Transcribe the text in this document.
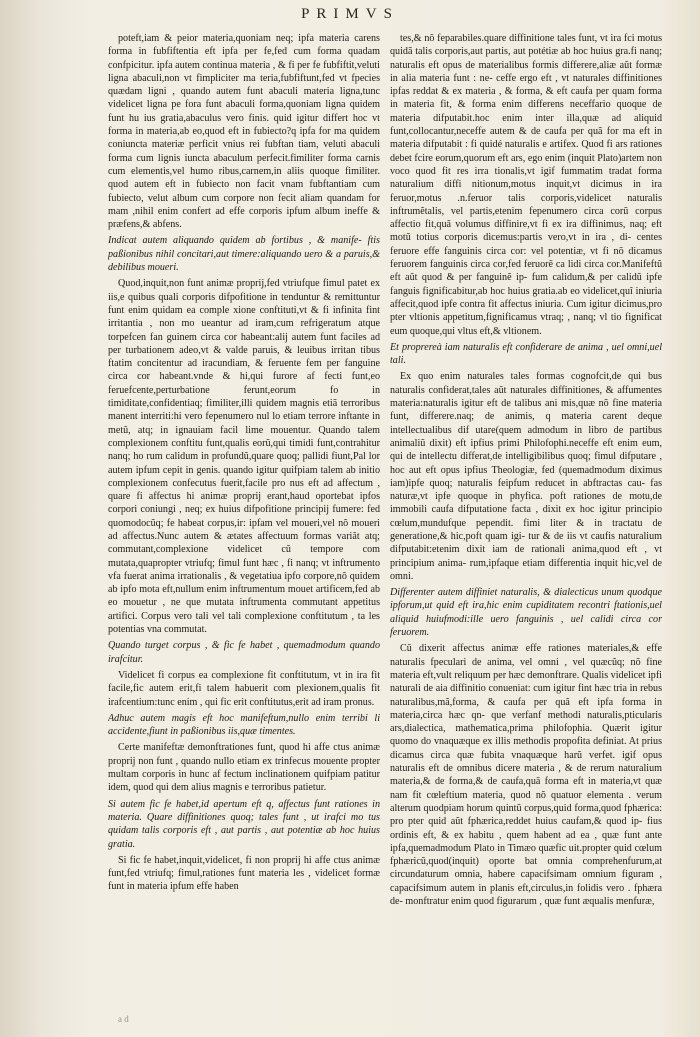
PRIMVS

poteft,iam & peior materia,quoniam neq; ipfa materia carens forma in fubfiftentia eft ipfa per fe,fed cum forma quadam confpicitur. ipfa autem continua materia , & fi per fe fubfiftit,veluti ligna abaculi,non vt fimpliciter ma teria,fubfiftunt,fed vt fpecies quædam ligni , quando autem funt abaculi materia ligna,tunc videlicet ligna pe fora funt abaculi forma,quoniam ligna quidem funt hu ius gratia,abaculus vero finis. quid igitur differt hoc vt forma in materia,ab eo,quod eft in fubiecto?q ipfa for ma quidem coniuncta materiæ perficit vnius rei fubftan tiam, veluti abaculi forma cum lignis iuncta abaculum perfecit.fimiliter forma carnis cum elementis,vel humo ribus,carnem,in aliis quoque fimiliter. quod autem eft in fubiecto non facit vnam fubftantiam cum fubiecto, velut album cum corpore non fecit aliam quandam for mam ,nihil enim confert ad effe corporis ipfum album ineffe & præfens,& abfens.

Indicat autem aliquando quidem ab fortibus , & manife- ftis paßionibus nihil concitari,aut timere:aliquando uero & a paruis,& debilibus moueri.

Quod,inquit,non funt animæ proprij,fed vtriufque fimul patet ex iis,e quibus quali corporis difpofitione in tenduntur & remittuntur funt enim quidam ea comple xione conftituti,vt & fi infinita fint irritantia , non mo ueantur ad iram,cum refrigeratum atque torpefcen fan guinem circa cor habeant:alij autem funt faciles ad per turbationem adeo,vt & valde paruis, & leuibus irritan tibus ftatim concitentur ad iracundiam, & feruente fem per fanguine circa cor habeant.vnde & hi,qui furore af fecti funt,eo feruefcente,perturbatione ferunt,eorum fo in timiditate,confidentiaq; fimiliter,illi quidem magnis etiã terroribus manent interriti:hi vero fepenumero nul lo etiam terrore inftante in metũ, atq; in ignauiam facil lime mouentur. Quando talem complexionem conftitu funt,qualis eorũ,qui timidi funt,contrahitur nanq; ho rum calidum in profundũ,quare quoq; pallidi fiunt,Pal lor autem ipfum cepit in genis. quando igitur quifpiam talem ab initio complexionem confecutus fuerit,facile pro nus eft ad affectum , quare fi affectus hi animæ proprij erant,haud oportebat ipfos corpori coniungi , neq; ex huius difpofitione principij fumere: fed quomodocũq; fe habeat corpus,ir: ipfam vel moueri,vel nõ moueri ad affectus.Nunc autem & ætates affectuum formas variãt atq; commutant,complexione videlicet cũ tempore com mutata,quapropter vtriufq; fimul funt hæc , fi nanq; vt inftrumento vfa fuerat anima irrationalis , & vegetatiua ipfo corpore,nõ quidem ab ipfo mota eft,nullum enim inftrumentum mouet artificem,fed ab eo mouetur , ne que mutata inftrumenta commutant appetitus artifici. Corpus vero tali vel tali complexione conftitutum , ta les potentias vna commutat.

Quando turget corpus , & fic fe habet , quemadmodum quando irafcitur.

Videlicet fi corpus ea complexione fit conftitutum, vt in ira fit facile,fic autem erit,fi talem habuerit com plexionem,qualis fit irafcentium:tunc enim , qui fic erit conftitutus,erit ad iram pronus.

Adhuc autem magis eft hoc manifeftum,nullo enim terribi li accidente,fiunt in paßionibus iis,quæ timentes.

Certe manifeftæ demonftrationes funt, quod hi affe ctus animæ proprij non funt , quando nullo etiam ex trinfecus mouente propter multam corporis in hunc af fectum inclinationem quifpiam patitur idem, quod qui dem alius magnis e terroribus patietur.

Si autem fic fe habet,id apertum eft q, affectus funt rationes in materia. Quare diffinitiones quoq; tales funt , ut irafci mo tus quidam talis corporis eft , aut partis , aut potentiæ ab hoc huius gratia.

Si fic fe habet,inquit,videlicet, fi non proprij hi affe ctus animæ funt,fed vtriufq; fimul,rationes funt materia les , videlicet formæ funt in materia ipfum effe haben

tes,& nõ feparabiles.quare diffinitione tales funt, vt ira fci motus quidã talis corporis,aut partis, aut potétiæ ab hoc huius gra.fi nanq; naturalis eft opus de materialibus formis differere,aliæ aũt formæ in alia materia funt : ne- ceffe ergo eft , vt naturales diffinitiones ipfas reddat & ex materia , & forma, & eft caufa per quam forma in materia fit, & forma enim differens neceffario quoque de materia difputabit.hoc enim inter illa,quæ ad aliquid funt,collocantur,neceffe autem & de caufa per quã for ma eft in materia difputabit : fi quidé naturalis e artifex. Quod fi ars rationes debet fcire eorum,quorum eft ars, ego enim (inquit Plato)artem non voco quod fit res irra tionalis,vt igif fummatim tradat forma naturalium diffi nitionum,motus inquit,vt dicimus in ira feruor,motus .n.feruor talis corporis,videlicet naturalis inftrumẽtalis, vel partis,etenim fepenumero circa corũ corpus affectio fit,quã volumus diffinire,vt fi ex ira diffinimus, naq; eft motũ totius corporis dicemus:partis vero,vt in ira , di- centes feruore effe fanguinis circa cor: vel potentiæ, vt fi nõ dicamus feruorem fanguinis circa cor,fed feruorẽ ca lidi circa cor.Manifeftũ eft aũt quod & per fanguinẽ ip- fum calidum,& per calidũ ipfe fanguis fignificabitur,ab hoc huius gratia.ab eo videlicet,quî iniuria affecit,quod ipfe contra fit affectus iniuria. Cum igitur dicimus,pro pter vltionis appetitum,fignificamus vtraq; , nanq; vl tio fignificat eum quoque,qui vltus eft,& vltionem.

Et proprereà iam naturalis eft confiderare de anima , uel omni,uel tali.

Ex quo enim naturales tales formas cognofcit,de qui bus naturalis confiderat,tales aũt naturales diffinitiones, & affumentes materia:naturalis igitur eft de talibus ani mis,quæ nõ fine materia funt, differere.naq; de animis, q materia carent deque intellectualibus dif utare(quem admodum in libro de partibus animaliũ dixit) eft ipfius primi Philofophi.neceffe eft enim eum, qui de intellectu differat,de intelligibilibus quoq; fimul difputare , hoc aut eft opus ipfius Theologiæ, fed (quemadmodum diximus iam)ipfe quoq; naturalis feipfum reducet in abftractas cau- fas naturæ,vt ipfe quoque in phyfica. poft rationes de motu,de immobili caufa difputatione facta , dixit ex hoc igitur principio cœlum,mundufque pependit. fimi liter & in tractatu de generatione,& hic,poft quam igi- tur & de iis vt caufis naturalium difputabit:etenim dixit iam de rationali anima,quod eft , vt principium anima- rum,ipfaque etiam differentia inquit hic,vel de omni.

Differenter autem diffiniet naturalis, & dialecticus unum quodque ipforum,ut quid eft ira,hic enim cupiditatem recontri ftationis,uel aliquid huiufmodi:ille uero fanguinis , uel calidi circa cor feruorem.

Cũ dixerit affectus animæ effe rationes materiales,& effe naturalis fpeculari de anima, vel omni , vel quæcũq; nõ fine materia eft,vult reliquum per hæc demonftrare. Qualis videlicet ipfi naturali de aia diffinitio conueniat: cum igitur fint hæc tria in rebus naturalibus,mã,forma, & caufa per quã eft ipfa forma in materia,circa hæc qn- que verfanf methodi naturalis,pticularis ars,dialectica, mathematica,prima philofophia. Quærit igitur quomo do vnaquæque ex illis methodis propofita definiat. At prius dicamus circa quæ fubita vnaquæque harũ verfet. igif opus naturalis eft de omnibus dicere materia , & de rerum naturalium materia,& de forma,& de caufa,quã forma eft in materia,vt quæ nam fit cœleftium materia, quod nõ quatuor elementa . verum alterum quodpiam horum quintũ corpus,quid forma,quod fphærica: pro pter quid aũt fphærica,reddet huius caufam,& quod ip- fius ordinis eft, & ex habitu , quem habent ad ea , quæ funt ante ipfa,quemadmodum Plato in Timæo quæfic uit.propter quid cœlum fphæricũ,quod(inquit) oporte bat omnia comprehenfurum,at circundaturum omnia, habere capacifsimam omnium figuram , capacifsimum autem in planis eft,circulus,in folidis vero . fphæra de- monftratur enim quod figurarum , quæ funt æqualis menfuræ,

a d
